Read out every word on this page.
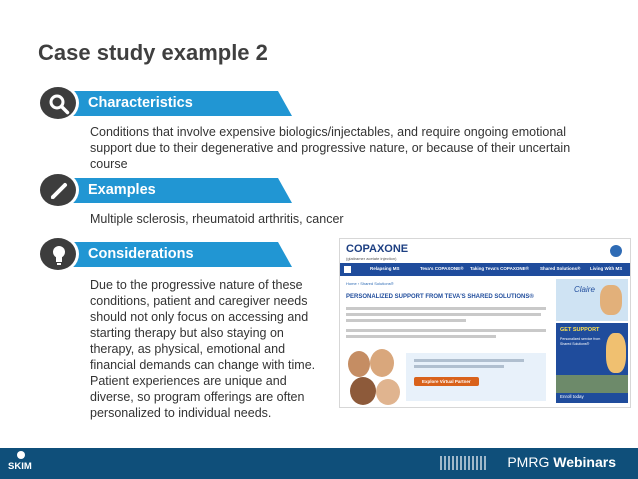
Case study example 2
Characteristics
Conditions that involve expensive biologics/injectables, and require ongoing emotional support due to their degenerative and progressive nature, or because of their uncertain course
Examples
Multiple sclerosis, rheumatoid arthritis, cancer
Considerations
Due to the progressive nature of these conditions, patient and caregiver needs should not only focus on accessing and starting therapy but also staying on therapy, as physical, emotional and financial demands can change with time. Patient experiences are unique and diverse, so program offerings are often personalized to individual needs.
COPAXONE
(glatiramer acetate injection)
Relapsing MS	Teva's COPAXONE® Taking Teva's COPAXONE® Shared Solutions® Living With MS
Home › Shared Solutions®
PERSONALIZED SUPPORT FROM TEVA'S SHARED SOLUTIONS®
Explore Virtual Partner
Claire
GET SUPPORT
Personalized service from Shared Solutions®
Enroll today
SKIM	PMRG Webinars
